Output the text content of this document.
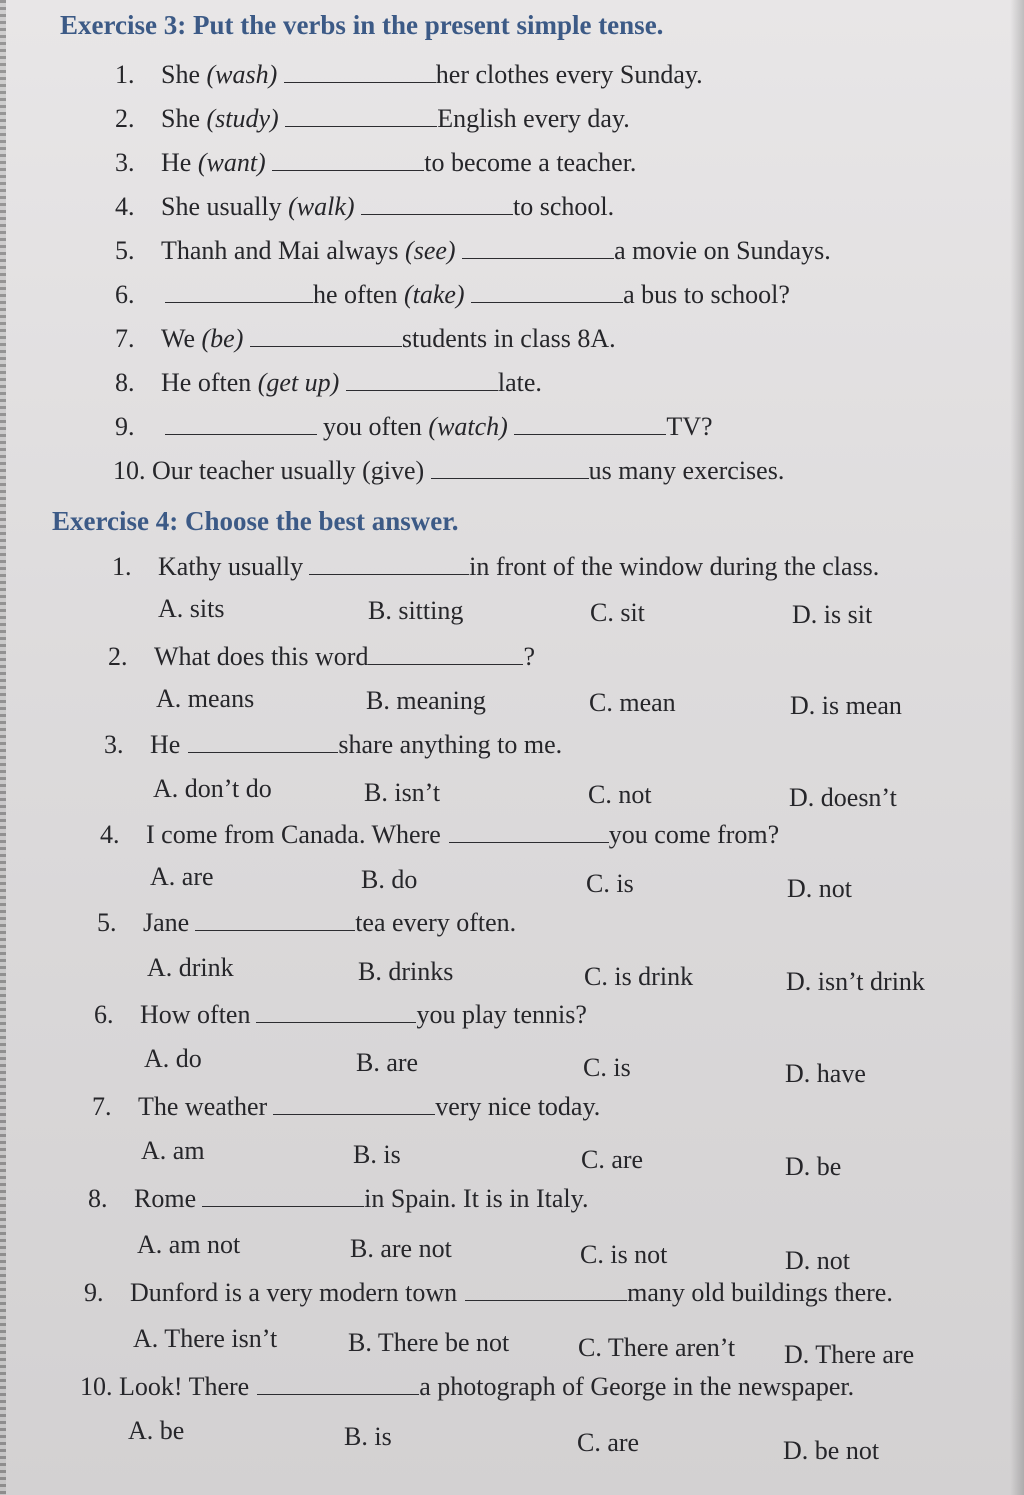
Exercise 3: Put the verbs in the present simple tense.
1. She (wash)	her clothes every Sunday.
2. She (study)	English every day.
3. He (want)	to become a teacher.
4. She usually (walk)	to school.
5. Thanh and Mai always (see)	a movie on Sundays.
6.	he often (take)	a bus to school?
7. We (be)	students in class 8A.
8. He often (get up)	late.
9.	you often (watch)	TV?
10. Our teacher usually (give)	us many exercises.
Exercise 4: Choose the best answer.
1. Kathy usually	in front of the window during the class.
A. sits	B. sitting	C. sit	D. is sit
2. What does this word	?
A. means	B. meaning	C. mean	D. is mean
3. He	share anything to me.
A. don’t do	B. isn’t	C. not	D. doesn’t
4. I come from Canada. Where	you come from?
A. are	B. do	C. is	D. not
5. Jane	tea every often.
A. drink	B. drinks	C. is drink	D. isn’t drink
6. How often	you play tennis?
A. do	B. are	C. is	D. have
7. The weather	very nice today.
A. am	B. is	C. are	D. be
8. Rome	in Spain. It is in Italy.
A. am not	B. are not	C. is not	D. not
9. Dunford is a very modern town	many old buildings there.
A. There isn’t	B. There be not	C. There aren’t D. There are
10. Look! There	a photograph of George in the newspaper.
A. be	B. is	C. are	D. be not
